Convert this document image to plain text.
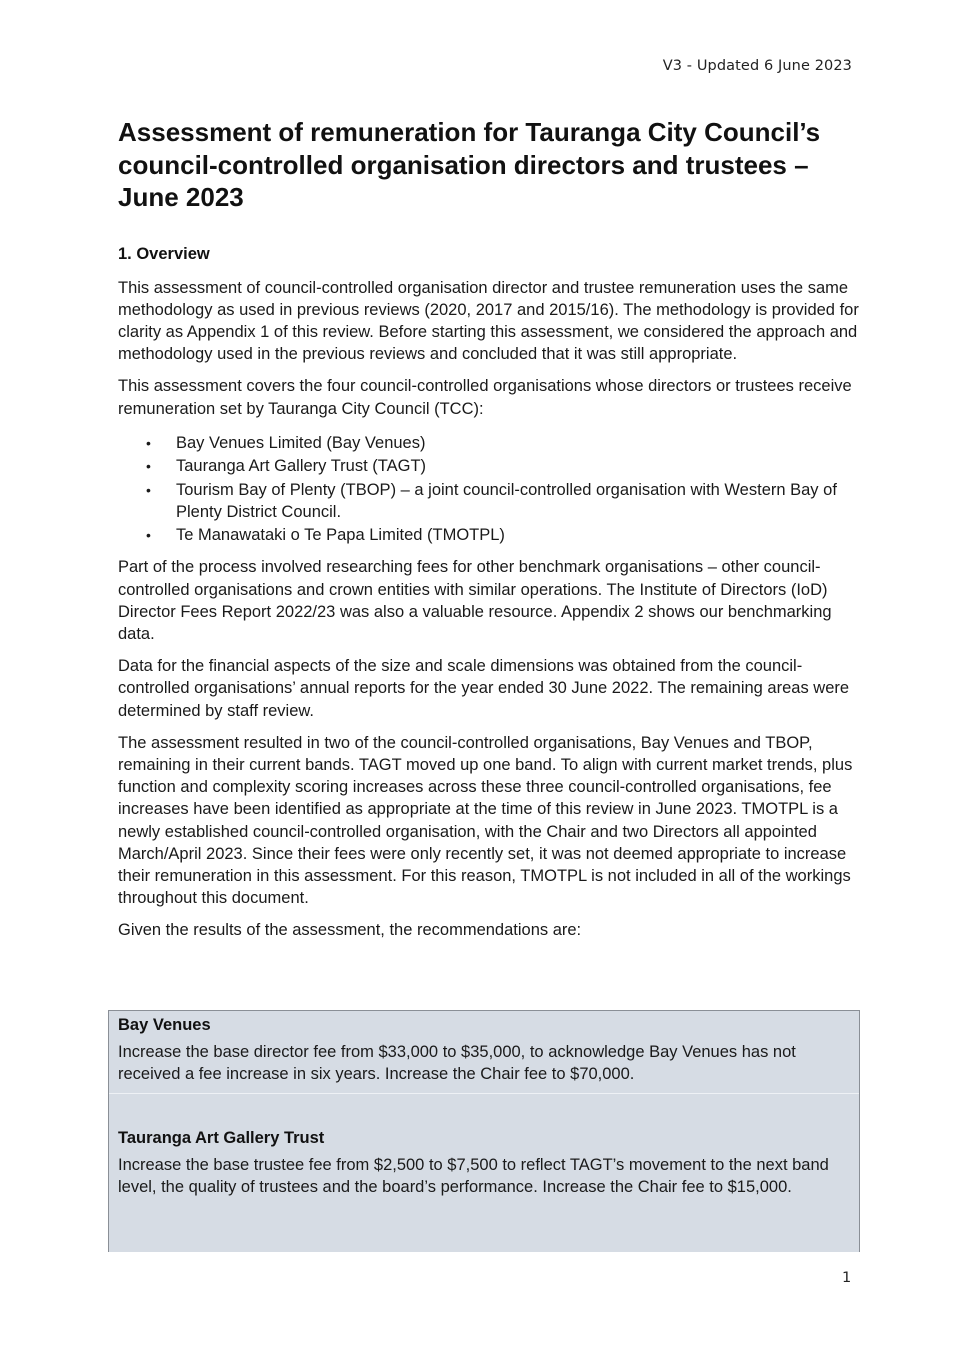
V3 - Updated 6 June 2023
Assessment of remuneration for Tauranga City Council’s council-controlled organisation directors and trustees – June 2023
1. Overview

This assessment of council-controlled organisation director and trustee remuneration uses the same methodology as used in previous reviews (2020, 2017 and 2015/16). The methodology is provided for clarity as Appendix 1 of this review. Before starting this assessment, we considered the approach and methodology used in the previous reviews and concluded that it was still appropriate.

This assessment covers the four council-controlled organisations whose directors or trustees receive remuneration set by Tauranga City Council (TCC):

• Bay Venues Limited (Bay Venues)
• Tauranga Art Gallery Trust (TAGT)
• Tourism Bay of Plenty (TBOP) – a joint council-controlled organisation with Western Bay of Plenty District Council.
• Te Manawataki o Te Papa Limited (TMOTPL)

Part of the process involved researching fees for other benchmark organisations – other council-controlled organisations and crown entities with similar operations. The Institute of Directors (IoD) Director Fees Report 2022/23 was also a valuable resource. Appendix 2 shows our benchmarking data.

Data for the financial aspects of the size and scale dimensions was obtained from the council-controlled organisations’ annual reports for the year ended 30 June 2022. The remaining areas were determined by staff review.

The assessment resulted in two of the council-controlled organisations, Bay Venues and TBOP, remaining in their current bands. TAGT moved up one band. To align with current market trends, plus function and complexity scoring increases across these three council-controlled organisations, fee increases have been identified as appropriate at the time of this review in June 2023. TMOTPL is a newly established council-controlled organisation, with the Chair and two Directors all appointed March/April 2023. Since their fees were only recently set, it was not deemed appropriate to increase their remuneration in this assessment. For this reason, TMOTPL is not included in all of the workings throughout this document.

Given the results of the assessment, the recommendations are:

Bay Venues
Increase the base director fee from $33,000 to $35,000, to acknowledge Bay Venues has not received a fee increase in six years. Increase the Chair fee to $70,000.
Tauranga Art Gallery Trust
Increase the base trustee fee from $2,500 to $7,500 to reflect TAGT’s movement to the next band level, the quality of trustees and the board’s performance. Increase the Chair fee to $15,000.
1
